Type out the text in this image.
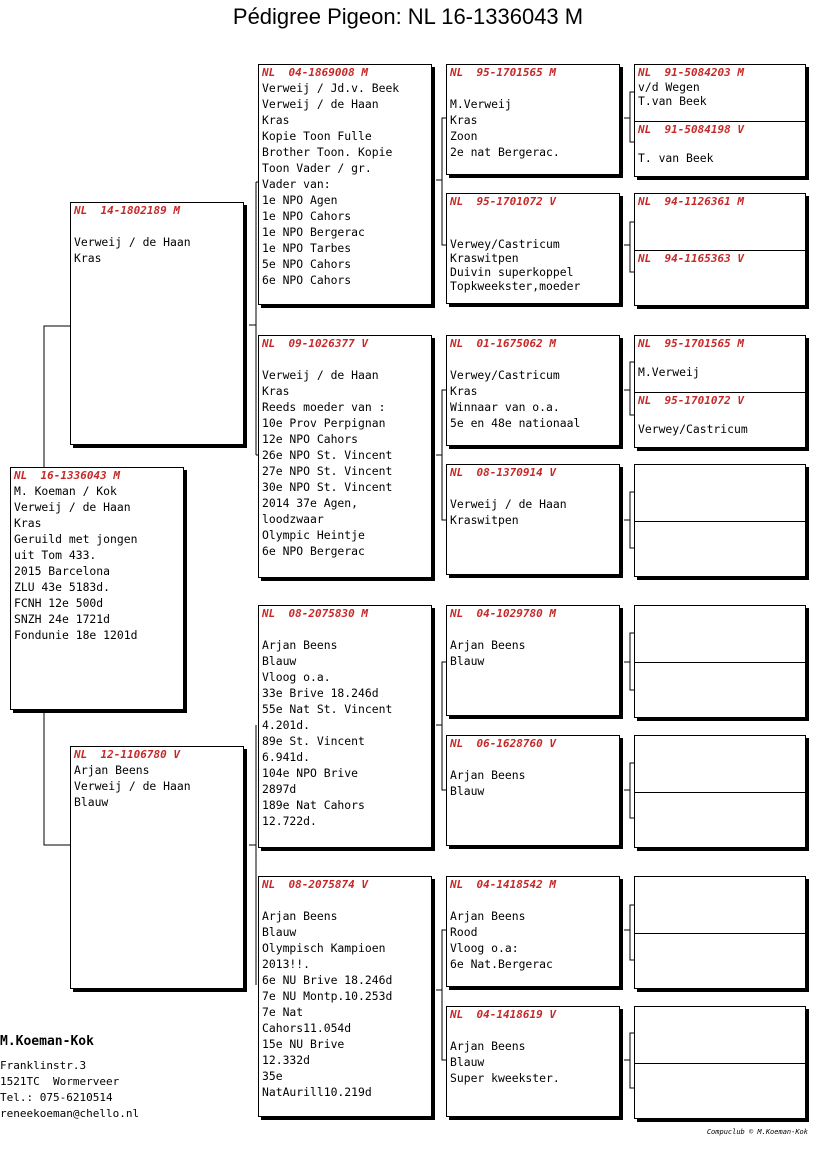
Pédigree Pigeon: NL 16-1336043 M
NL  16-1336043 M
M. Koeman / Kok
Verweij / de Haan
Kras
Geruild met jongen
uit Tom 433.
2015 Barcelona
ZLU 43e 5183d.
FCNH 12e 500d
SNZH 24e 1721d
Fondunie 18e 1201d
NL  14-1802189 M

Verweij / de Haan
Kras
NL  12-1106780 V
Arjan Beens
Verweij / de Haan
Blauw
NL  04-1869008 M
Verweij / Jd.v. Beek
Verweij / de Haan
Kras
Kopie Toon Fulle
Brother Toon. Kopie
Toon Vader / gr.
Vader van:
1e NPO Agen
1e NPO Cahors
1e NPO Bergerac
1e NPO Tarbes
5e NPO Cahors
6e NPO Cahors
NL  09-1026377 V

Verweij / de Haan
Kras
Reeds moeder van :
10e Prov Perpignan
12e NPO Cahors
26e NPO St. Vincent
27e NPO St. Vincent
30e NPO St. Vincent
2014 37e Agen,
loodzwaar
Olympic Heintje
6e NPO Bergerac
NL  08-2075830 M

Arjan Beens
Blauw
Vloog o.a.
33e Brive 18.246d
55e Nat St. Vincent
4.201d.
89e St. Vincent
6.941d.
104e NPO Brive
2897d
189e Nat Cahors
12.722d.
NL  08-2075874 V

Arjan Beens
Blauw
Olympisch Kampioen
2013!!.
6e NU Brive 18.246d
7e NU Montp.10.253d
7e Nat
Cahors11.054d
15e NU Brive
12.332d
35e
NatAurill10.219d
NL  95-1701565 M

M.Verweij
Kras
Zoon
2e nat Bergerac.
NL  95-1701072 V

Verwey/Castricum
Kraswitpen
Duivin superkoppel
Topkweekster,moeder
NL  01-1675062 M

Verwey/Castricum
Kras
Winnaar van o.a.
5e en 48e nationaal
NL  08-1370914 V

Verweij / de Haan
Kraswitpen
NL  04-1029780 M

Arjan Beens
Blauw
NL  06-1628760 V

Arjan Beens
Blauw
NL  04-1418542 M

Arjan Beens
Rood
Vloog o.a:
6e Nat.Bergerac
NL  04-1418619 V

Arjan Beens
Blauw
Super kweekster.
NL  91-5084203 M
v/d Wegen
T.van Beek
NL  91-5084198 V

T. van Beek
NL  94-1126361 M
NL  94-1165363 V
NL  95-1701565 M

M.Verweij
NL  95-1701072 V

Verwey/Castricum
M.Koeman-Kok
Franklinstr.3
1521TC  Wormerveer
Tel.: 075-6210514
reneekoeman@chello.nl
Compuclub © M.Koeman-Kok
